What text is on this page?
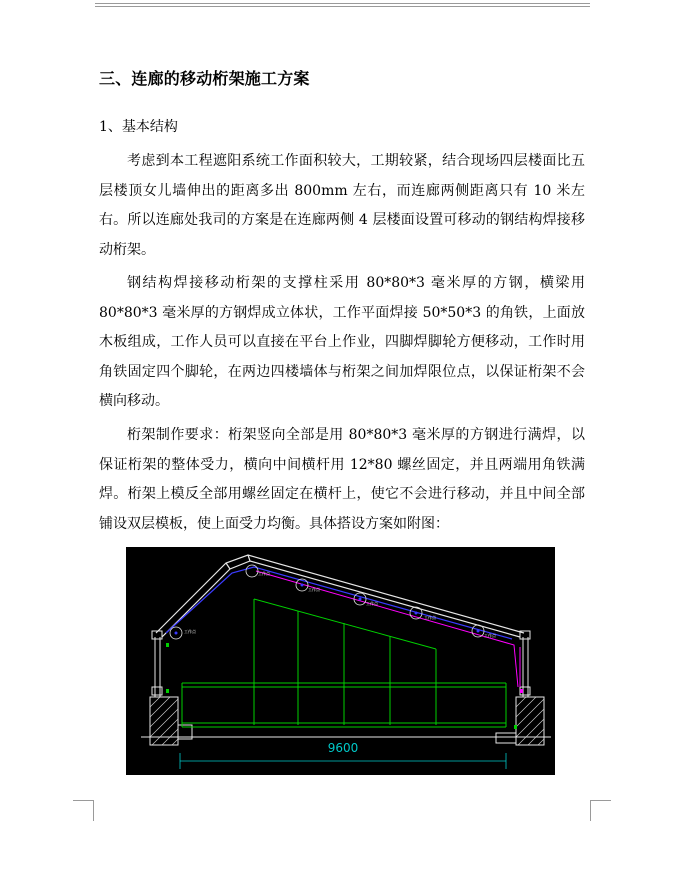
三、连廊的移动桁架施工方案
1、基本结构

考虑到本工程遮阳系统工作面积较大，工期较紧，结合现场四层楼面比五层楼顶女儿墙伸出的距离多出 800mm 左右，而连廊两侧距离只有 10 米左右。所以连廊处我司的方案是在连廊两侧 4 层楼面设置可移动的钢结构焊接移动桁架。

钢结构焊接移动桁架的支撑柱采用 80*80*3 毫米厚的方钢，横梁用 80*80*3 毫米厚的方钢焊成立体状，工作平面焊接 50*50*3 的角铁，上面放木板组成，工作人员可以直接在平台上作业，四脚焊脚轮方便移动，工作时用角铁固定四个脚轮，在两边四楼墙体与桁架之间加焊限位点，以保证桁架不会横向移动。

桁架制作要求：桁架竖向全部是用 80*80*3 毫米厚的方钢进行满焊，以保证桁架的整体受力，横向中间横杆用 12*80 螺丝固定，并且两端用角铁满焊。桁架上模反全部用螺丝固定在横杆上，使它不会进行移动，并且中间全部铺设双层模板，使上面受力均衡。具体搭设方案如附图：

工作点
工作点
工作点
工作点
工作点
工作点
9600
